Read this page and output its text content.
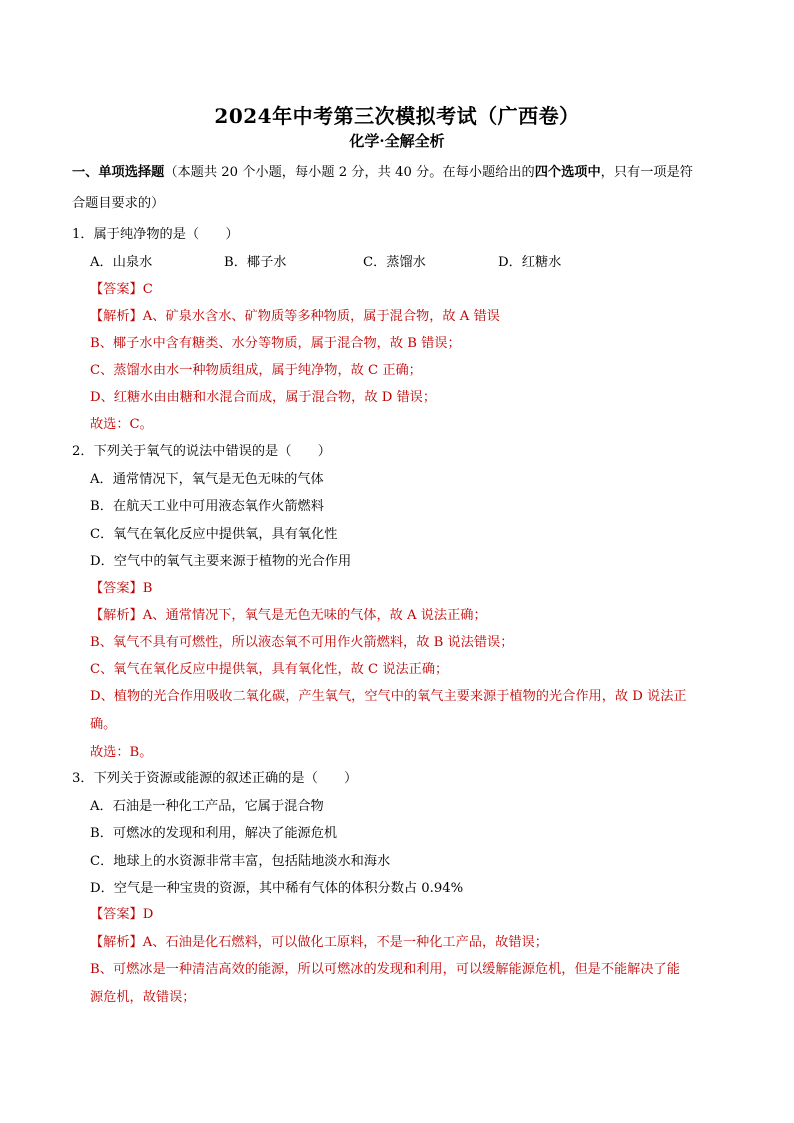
2024年中考第三次模拟考试（广西卷）
化学·全解全析
一、单项选择题（本题共 20 个小题，每小题 2 分，共 40 分。在每小题给出的四个选项中，只有一项是符
合题目要求的）
1．属于纯净物的是（　　）
A．山泉水	B．椰子水	C．蒸馏水	D．红糖水
【答案】C
【解析】A、矿泉水含水、矿物质等多种物质，属于混合物，故 A 错误
B、椰子水中含有糖类、水分等物质，属于混合物，故 B 错误；
C、蒸馏水由水一种物质组成，属于纯净物，故 C 正确；
D、红糖水由由糖和水混合而成，属于混合物，故 D 错误；
故选：C。
2．下列关于氧气的说法中错误的是（　　）
A．通常情况下，氧气是无色无味的气体
B．在航天工业中可用液态氧作火箭燃料
C．氧气在氧化反应中提供氧，具有氧化性
D．空气中的氧气主要来源于植物的光合作用
【答案】B
【解析】A、通常情况下，氧气是无色无味的气体，故 A 说法正确；
B、氧气不具有可燃性，所以液态氧不可用作火箭燃料，故 B 说法错误；
C、氧气在氧化反应中提供氧，具有氧化性，故 C 说法正确；
D、植物的光合作用吸收二氧化碳，产生氧气，空气中的氧气主要来源于植物的光合作用，故 D 说法正
确。
故选：B。
3．下列关于资源或能源的叙述正确的是（　　）
A．石油是一种化工产品，它属于混合物
B．可燃冰的发现和利用，解决了能源危机
C．地球上的水资源非常丰富，包括陆地淡水和海水
D．空气是一种宝贵的资源，其中稀有气体的体积分数占 0.94%
【答案】D
【解析】A、石油是化石燃料，可以做化工原料，不是一种化工产品，故错误；
B、可燃冰是一种清洁高效的能源，所以可燃冰的发现和利用，可以缓解能源危机，但是不能解决了能
源危机，故错误；
